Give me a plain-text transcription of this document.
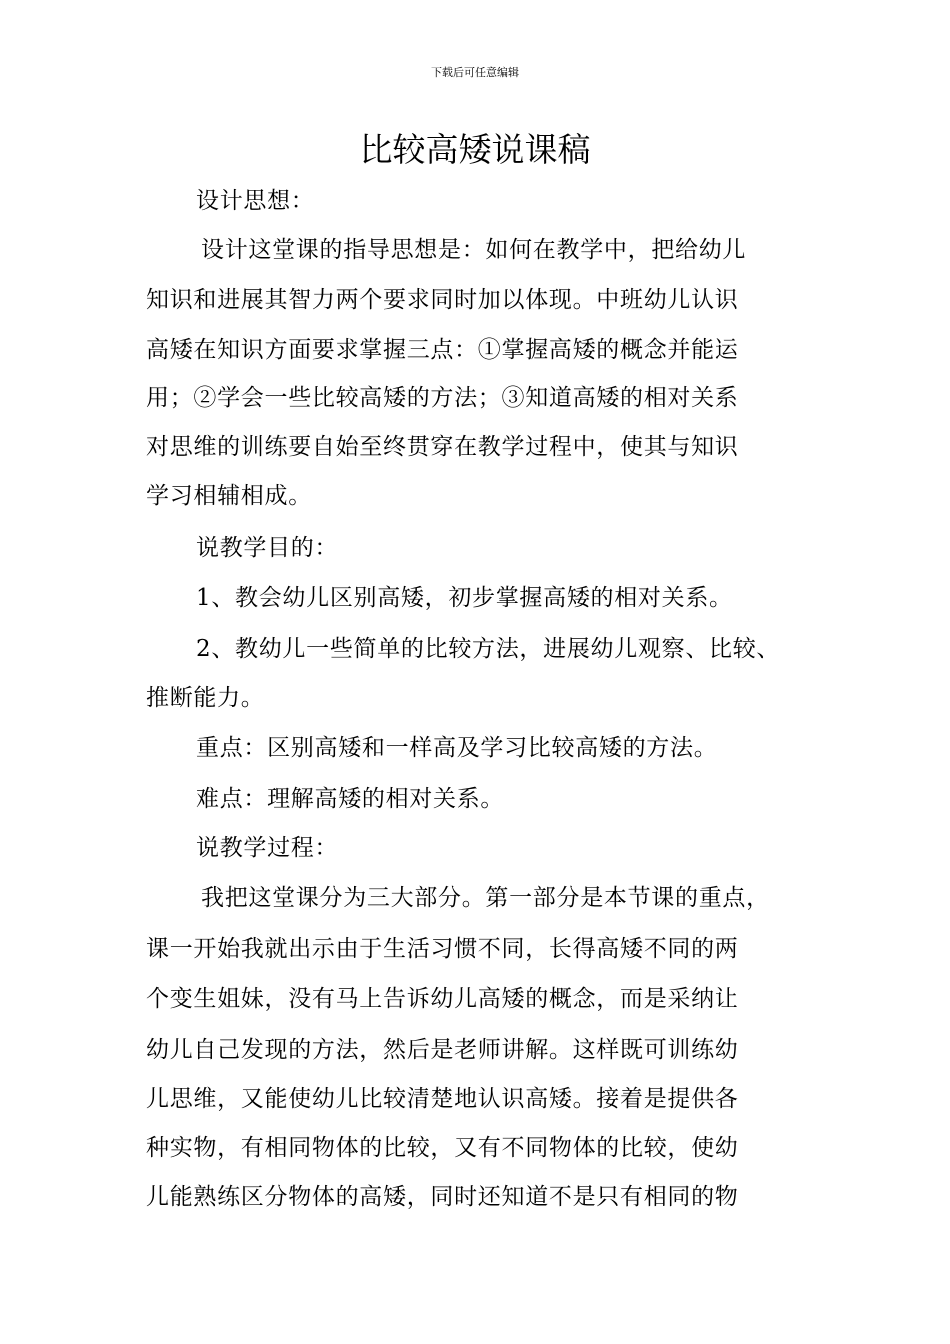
下载后可任意编辑
比较高矮说课稿
设计思想：
设计这堂课的指导思想是：如何在教学中，把给幼儿
知识和进展其智力两个要求同时加以体现。中班幼儿认识
高矮在知识方面要求掌握三点：①掌握高矮的概念并能运
用；②学会一些比较高矮的方法；③知道高矮的相对关系
对思维的训练要自始至终贯穿在教学过程中，使其与知识
学习相辅相成。
说教学目的：
1、教会幼儿区别高矮，初步掌握高矮的相对关系。
2、教幼儿一些简单的比较方法，进展幼儿观察、比较、
推断能力。
重点：区别高矮和一样高及学习比较高矮的方法。
难点：理解高矮的相对关系。
说教学过程：
我把这堂课分为三大部分。第一部分是本节课的重点，
课一开始我就出示由于生活习惯不同，长得高矮不同的两
个变生姐妹，没有马上告诉幼儿高矮的概念，而是采纳让
幼儿自己发现的方法，然后是老师讲解。这样既可训练幼
儿思维，又能使幼儿比较清楚地认识高矮。接着是提供各
种实物，有相同物体的比较，又有不同物体的比较，使幼
儿能熟练区分物体的高矮，同时还知道不是只有相同的物
